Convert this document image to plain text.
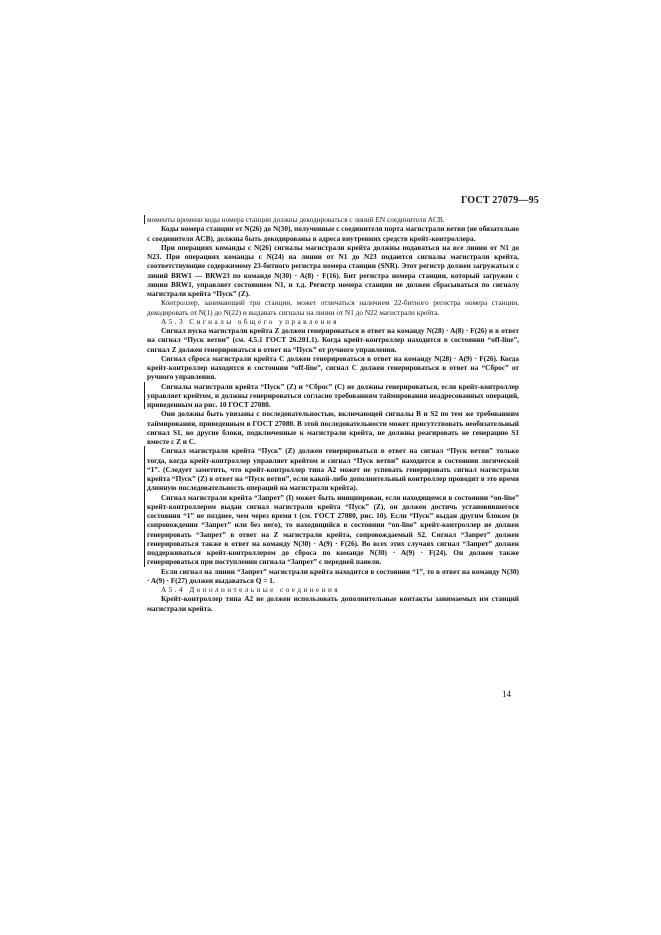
ГОСТ 27079—95

моменты времени коды номера станции должны декодироваться с линий EN соединителя ACB.

Коды номера станции от N(26) до N(30), полученные с соединителя порта магистрали ветви (не обязательно с соединителя ACB), должны быть декодированы в адреса внутренних средств крейт-контроллера.

При операциях команды с N(26) сигналы магистрали крейта должны подаваться на все линии от N1 до N23. При операциях команды с N(24) на линии от N1 до N23 подаются сигналы магистрали крейта, соответствующие содержимому 23-битного регистра номера станции (SNR). Этот регистр должен загружаться с линий BRW1 — BRW23 по команде N(30) · A(8) · F(16). Бит регистра номера станции, который загружен с линии BRW1, управляет состоянием N1, и т.д. Регистр номера станции не должен сбрасываться по сигналу магистрали крейта “Пуск” (Z).

Контроллер, занимающий три станции, может отличаться наличием 22-битного регистра номера станции, декодировать от N(1) до N(22) и выдавать сигналы на линии от N1 до N22 магистрали крейта.

А5.3 Сигналы общего управления

Сигнал пуска магистрали крейта Z должен генерироваться в ответ на команду N(28) · A(8) · F(26) и в ответ на сигнал “Пуск ветви” (см. 4.5.1 ГОСТ 26.201.1). Когда крейт-контроллер находится в состоянии “off-line”, сигнал Z должен генерироваться в ответ на “Пуск” от ручного управления.

Сигнал сброса магистрали крейта C должен генерироваться в ответ на команду N(28) · A(9) · F(26). Когда крейт-контроллер находится в состоянии “off-line”, сигнал C должен генерироваться в ответ на “Сброс” от ручного управления.

Сигналы магистрали крейта “Пуск” (Z) и “Сброс” (C) не должны генерироваться, если крейт-контроллер управляет крейтом, и должны генерироваться согласно требованиям таймирования неадресованных операций, приведенным на рис. 10 ГОСТ 27080.

Они должны быть увязаны с последовательностью, включающей сигналы B и S2 по тем же требованиям таймирования, приведенным в ГОСТ 27080. В этой последовательности может присутствовать необязательный сигнал S1, но другие блоки, подключенные к магистрали крейта, не должны реагировать не генерацию S1 вместе с Z и C.

Сигнал магистрали крейта “Пуск” (Z) должен генерироваться в ответ на сигнал “Пуск ветви” только тогда, когда крейт-контроллер управляет крейтом и сигнал “Пуск ветви” находится в состоянии логической “1”. (Следует заметить, что крейт-контроллер типа А2 может не успевать генерировать сигнал магистрали крейта “Пуск” (Z) в ответ на “Пуск ветви”, если какой-либо дополнительный контроллер проводит в это время длинную последовательность операций на магистрали крейта).

Сигнал магистрали крейта “Запрет” (I) может быть инициирован, если находящемся в состоянии “on-line” крейт-контроллером выдан сигнал магистрали крейта “Пуск” (Z), он должен достичь установившегося состояния “1” не позднее, чем через время t (см. ГОСТ 27080, рис. 10). Если “Пуск” выдан другим блоком (в сопровождении “Запрет” или без него), то находящийся в состоянии “on-line” крейт-контроллер не должен генерировать “Запрет” в ответ на Z магистрали крейта, сопровождаемый S2. Сигнал “Запрет” должен генерироваться также в ответ на команду N(30) · A(9) · F(26). Во всех этих случаях сигнал “Запрет” должен поддерживаться крейт-контроллером до сброса по команде N(30) · A(9) · F(24). Он должен также генерироваться при поступлении сигнала “Запрет” с передней панели.

Если сигнал на линии “Запрет” магистрали крейта находится в состоянии “1”, то в ответ на команду N(30) · A(9) · F(27) должен выдаваться Q = 1.

А5.4 Дополнительные соединения

Крейт-контроллер типа А2 не должен использовать дополнительные контакты занимаемых им станций магистрали крейта.

14
